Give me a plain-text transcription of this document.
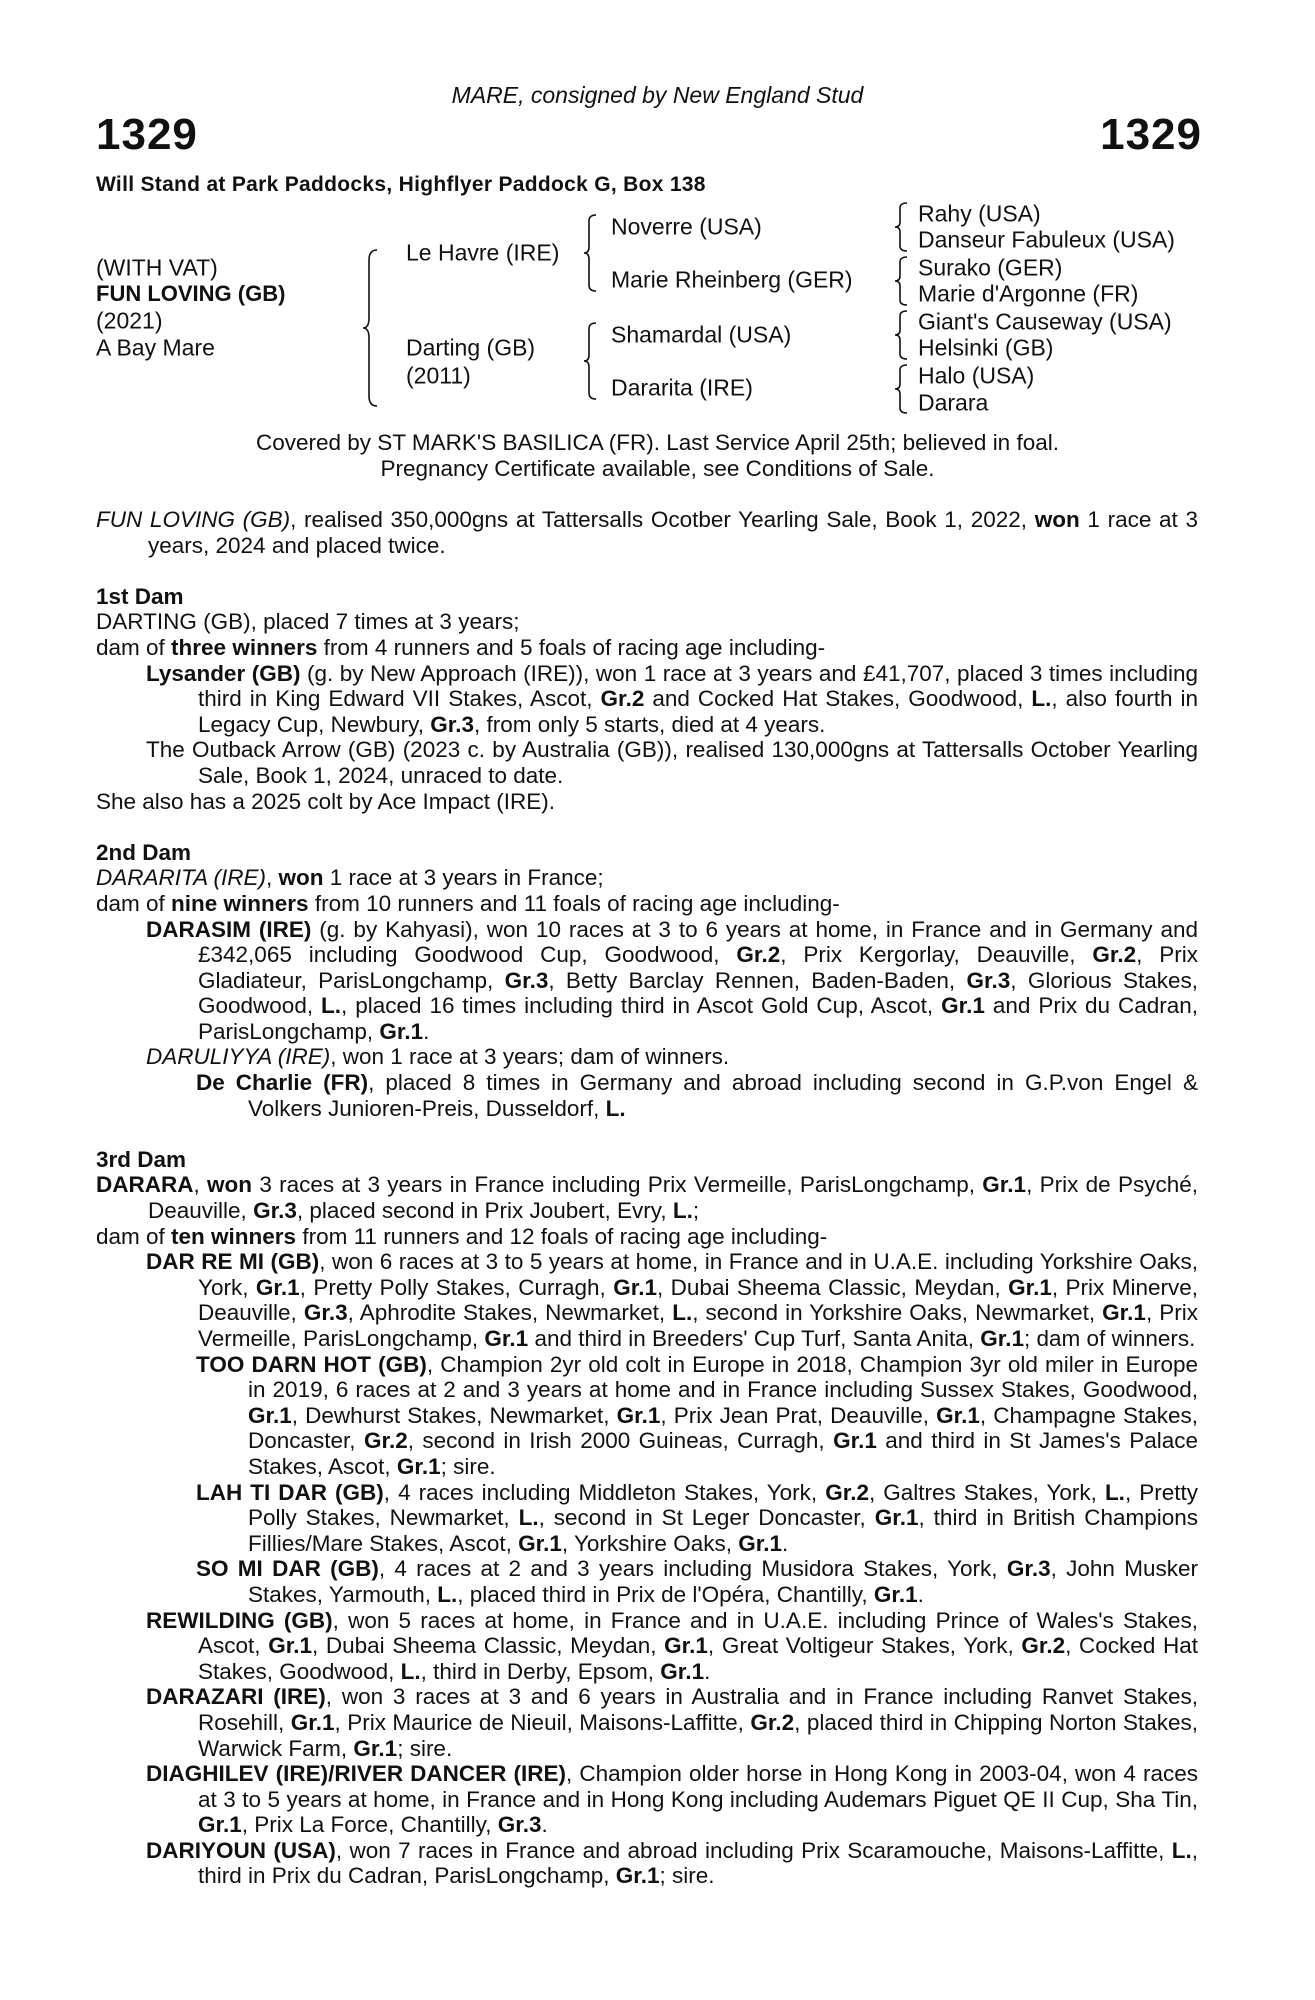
MARE, consigned by New England Stud
1329	1329
Will Stand at Park Paddocks, Highflyer Paddock G, Box 138
(WITH VAT)
FUN LOVING (GB)
(2021)
A Bay Mare
Le Havre (IRE)
Darting (GB)
(2011)
Noverre (USA)
Marie Rheinberg (GER)
Shamardal (USA)
Dararita (IRE)
Rahy (USA)
Danseur Fabuleux (USA)
Surako (GER)
Marie d'Argonne (FR)
Giant's Causeway (USA)
Helsinki (GB)
Halo (USA)
Darara
Covered by ST MARK'S BASILICA (FR). Last Service April 25th; believed in foal.
Pregnancy Certificate available, see Conditions of Sale.
FUN LOVING (GB), realised 350,000gns at Tattersalls Ocotber Yearling Sale, Book 1, 2022, won 1 race at 3 years, 2024 and placed twice.
1st Dam
DARTING (GB), placed 7 times at 3 years;
dam of three winners from 4 runners and 5 foals of racing age including-
Lysander (GB) (g. by New Approach (IRE)), won 1 race at 3 years and £41,707, placed 3 times including third in King Edward VII Stakes, Ascot, Gr.2 and Cocked Hat Stakes, Goodwood, L., also fourth in Legacy Cup, Newbury, Gr.3, from only 5 starts, died at 4 years.
The Outback Arrow (GB) (2023 c. by Australia (GB)), realised 130,000gns at Tattersalls October Yearling Sale, Book 1, 2024, unraced to date.
She also has a 2025 colt by Ace Impact (IRE).
2nd Dam
DARARITA (IRE), won 1 race at 3 years in France;
dam of nine winners from 10 runners and 11 foals of racing age including-
DARASIM (IRE) (g. by Kahyasi), won 10 races at 3 to 6 years at home, in France and in Germany and £342,065 including Goodwood Cup, Goodwood, Gr.2, Prix Kergorlay, Deauville, Gr.2, Prix Gladiateur, ParisLongchamp, Gr.3, Betty Barclay Rennen, Baden-Baden, Gr.3, Glorious Stakes, Goodwood, L., placed 16 times including third in Ascot Gold Cup, Ascot, Gr.1 and Prix du Cadran, ParisLongchamp, Gr.1.
DARULIYYA (IRE), won 1 race at 3 years; dam of winners.
De Charlie (FR), placed 8 times in Germany and abroad including second in G.P.von Engel & Volkers Junioren-Preis, Dusseldorf, L.
3rd Dam
DARARA, won 3 races at 3 years in France including Prix Vermeille, ParisLongchamp, Gr.1, Prix de Psyché, Deauville, Gr.3, placed second in Prix Joubert, Evry, L.;
dam of ten winners from 11 runners and 12 foals of racing age including-
DAR RE MI (GB), won 6 races at 3 to 5 years at home, in France and in U.A.E. including Yorkshire Oaks, York, Gr.1, Pretty Polly Stakes, Curragh, Gr.1, Dubai Sheema Classic, Meydan, Gr.1, Prix Minerve, Deauville, Gr.3, Aphrodite Stakes, Newmarket, L., second in Yorkshire Oaks, Newmarket, Gr.1, Prix Vermeille, ParisLongchamp, Gr.1 and third in Breeders' Cup Turf, Santa Anita, Gr.1; dam of winners.
TOO DARN HOT (GB), Champion 2yr old colt in Europe in 2018, Champion 3yr old miler in Europe in 2019, 6 races at 2 and 3 years at home and in France including Sussex Stakes, Goodwood, Gr.1, Dewhurst Stakes, Newmarket, Gr.1, Prix Jean Prat, Deauville, Gr.1, Champagne Stakes, Doncaster, Gr.2, second in Irish 2000 Guineas, Curragh, Gr.1 and third in St James's Palace Stakes, Ascot, Gr.1; sire.
LAH TI DAR (GB), 4 races including Middleton Stakes, York, Gr.2, Galtres Stakes, York, L., Pretty Polly Stakes, Newmarket, L., second in St Leger Doncaster, Gr.1, third in British Champions Fillies/Mare Stakes, Ascot, Gr.1, Yorkshire Oaks, Gr.1.
SO MI DAR (GB), 4 races at 2 and 3 years including Musidora Stakes, York, Gr.3, John Musker Stakes, Yarmouth, L., placed third in Prix de l'Opéra, Chantilly, Gr.1.
REWILDING (GB), won 5 races at home, in France and in U.A.E. including Prince of Wales's Stakes, Ascot, Gr.1, Dubai Sheema Classic, Meydan, Gr.1, Great Voltigeur Stakes, York, Gr.2, Cocked Hat Stakes, Goodwood, L., third in Derby, Epsom, Gr.1.
DARAZARI (IRE), won 3 races at 3 and 6 years in Australia and in France including Ranvet Stakes, Rosehill, Gr.1, Prix Maurice de Nieuil, Maisons-Laffitte, Gr.2, placed third in Chipping Norton Stakes, Warwick Farm, Gr.1; sire.
DIAGHILEV (IRE)/RIVER DANCER (IRE), Champion older horse in Hong Kong in 2003-04, won 4 races at 3 to 5 years at home, in France and in Hong Kong including Audemars Piguet QE II Cup, Sha Tin, Gr.1, Prix La Force, Chantilly, Gr.3.
DARIYOUN (USA), won 7 races in France and abroad including Prix Scaramouche, Maisons-Laffitte, L., third in Prix du Cadran, ParisLongchamp, Gr.1; sire.
